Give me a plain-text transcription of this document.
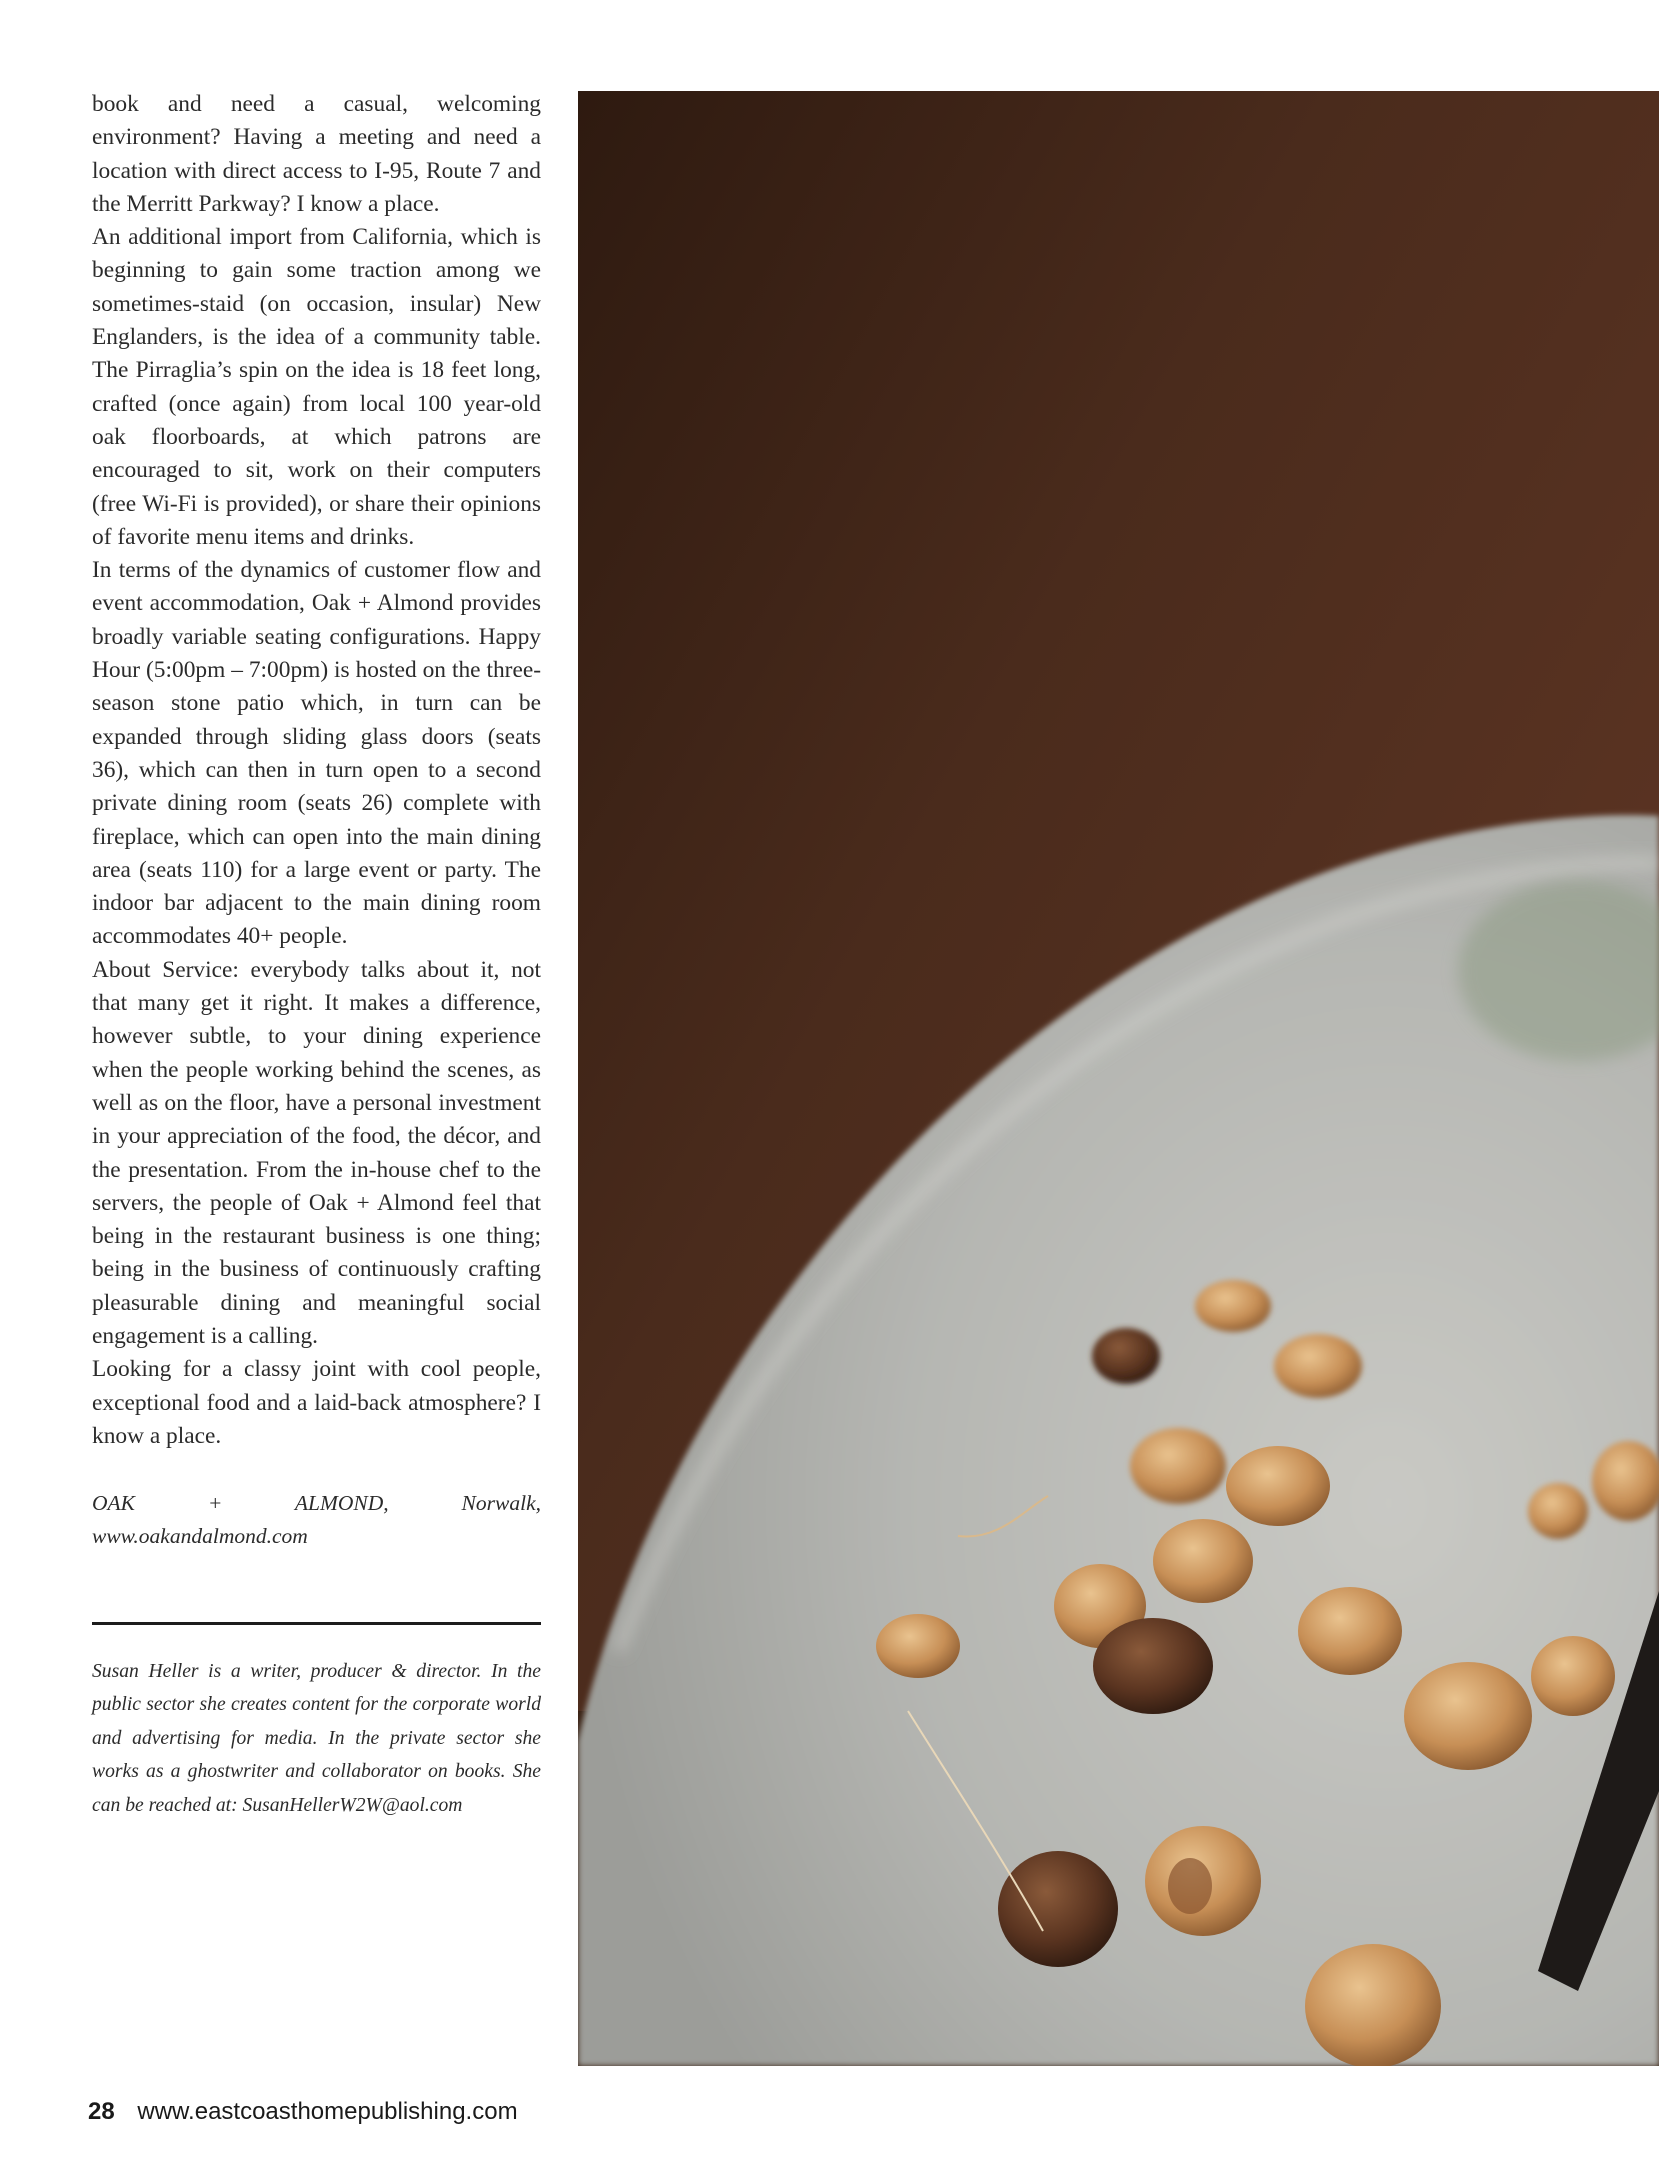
book and need a casual, welcoming environment? Having a meeting and need a location with direct access to I-95, Route 7 and the Merritt Parkway? I know a place.

An additional import from California, which is beginning to gain some traction among we sometimes-staid (on occasion, insular) New Englanders, is the idea of a community table. The Pirraglia’s spin on the idea is 18 feet long, crafted (once again) from local 100 year-old oak floorboards, at which patrons are encouraged to sit, work on their computers (free Wi-Fi is provided), or share their opinions of favorite menu items and drinks.

In terms of the dynamics of customer flow and event accommodation, Oak + Almond provides broadly variable seating configurations. Happy Hour (5:00pm – 7:00pm) is hosted on the three-season stone patio which, in turn can be expanded through sliding glass doors (seats 36), which can then in turn open to a second private dining room (seats 26) complete with fireplace, which can open into the main dining area (seats 110) for a large event or party. The indoor bar adjacent to the main dining room accommodates 40+ people.

About Service: everybody talks about it, not that many get it right. It makes a difference, however subtle, to your dining experience when the people working behind the scenes, as well as on the floor, have a personal investment in your appreciation of the food, the décor, and the presentation. From the in-house chef to the servers, the people of Oak + Almond feel that being in the restaurant business is one thing; being in the business of continuously crafting pleasurable dining and meaningful social engagement is a calling.

Looking for a classy joint with cool people, exceptional food and a laid-back atmosphere? I know a place.

OAK + ALMOND, Norwalk, www.oakandalmond.com

Susan Heller is a writer, producer & director. In the public sector she creates content for the corporate world and advertising for media. In the private sector she works as a ghostwriter and collaborator on books. She can be reached at: SusanHellerW2W@aol.com

28 www.eastcoasthomepublishing.com
